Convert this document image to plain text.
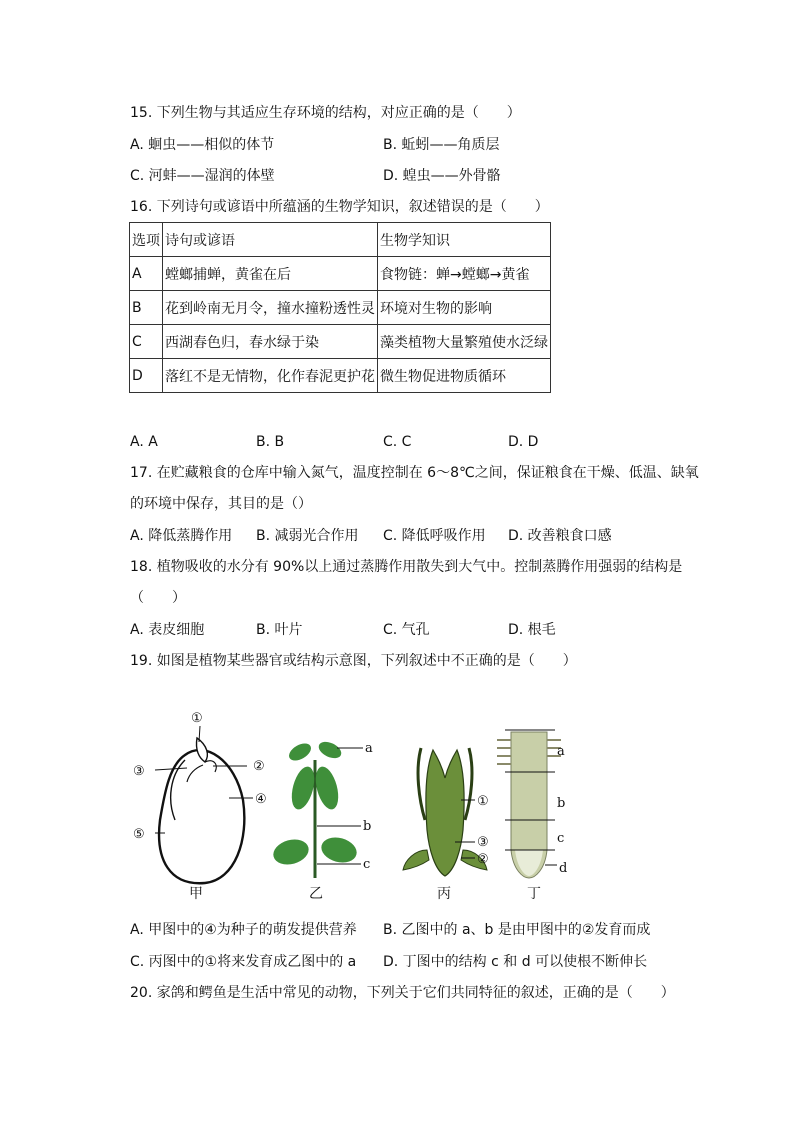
15. 下列生物与其适应生存环境的结构，对应正确的是（　　）
A. 蛔虫——相似的体节	B. 蚯蚓——角质层
C. 河蚌——湿润的体壁	D. 蝗虫——外骨骼
16. 下列诗句或谚语中所蕴涵的生物学知识，叙述错误的是（　　）
选项	诗句或谚语	生物学知识
A	螳螂捕蝉，黄雀在后	食物链：蝉→螳螂→黄雀
B	花到岭南无月令，撞水撞粉透性灵	环境对生物的影响
C	西湖春色归，春水绿于染	藻类植物大量繁殖使水泛绿
D	落红不是无情物，化作春泥更护花	微生物促进物质循环
A. A	B. B	C. C	D. D
17. 在贮藏粮食的仓库中输入氮气，温度控制在 6～8℃之间，保证粮食在干燥、低温、缺氧
的环境中保存，其目的是（）
A. 降低蒸腾作用 B. 减弱光合作用 C. 降低呼吸作用 D. 改善粮食口感
18. 植物吸收的水分有 90%以上通过蒸腾作用散失到大气中。控制蒸腾作用强弱的结构是
（　　）
A. 表皮细胞	B. 叶片	C. 气孔	D. 根毛
19. 如图是植物某些器官或结构示意图，下列叙述中不正确的是（　　）
①
③	②
④
⑤
a
b
c
①
③
②
a
b
c
d
甲	乙	丙	丁
A. 甲图中的④为种子的萌发提供营养 B. 乙图中的 a、b 是由甲图中的②发育而成
C. 丙图中的①将来发育成乙图中的 a D. 丁图中的结构 c 和 d 可以使根不断伸长
20. 家鸽和鳄鱼是生活中常见的动物，下列关于它们共同特征的叙述，正确的是（　　）
